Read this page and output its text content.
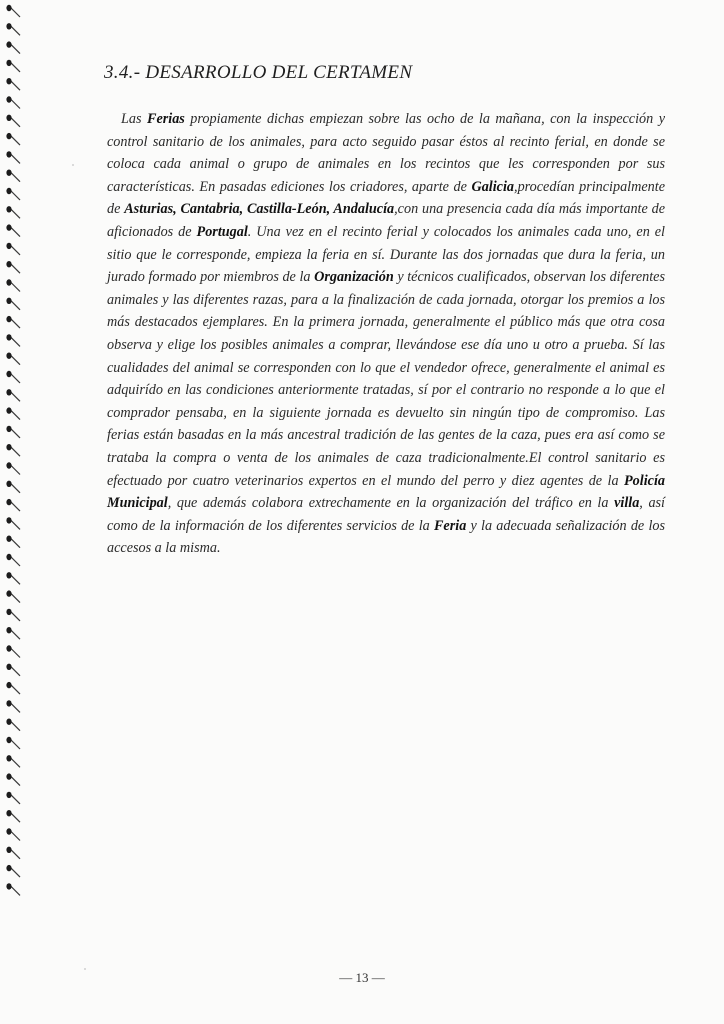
3.4.- DESARROLLO DEL CERTAMEN

Las Ferias propiamente dichas empiezan sobre las ocho de la mañana, con la inspección y control sanitario de los animales, para acto seguido pasar éstos al recinto ferial, en donde se coloca cada animal o grupo de animales en los recintos que les corresponden por sus características. En pasadas ediciones los criadores, aparte de Galicia,procedían principalmente de Asturias, Cantabria, Castilla-León, Andalucía,con una presencia cada día más importante de aficionados de Portugal. Una vez en el recinto ferial y colocados los animales cada uno, en el sitio que le corresponde, empieza la feria en sí. Durante las dos jornadas que dura la feria, un jurado formado por miembros de la Organización y técnicos cualificados, observan los diferentes animales y las diferentes razas, para a la finalización de cada jornada, otorgar los premios a los más destacados ejemplares. En la primera jornada, generalmente el público más que otra cosa observa y elige los posibles animales a comprar, llevándose ese día uno u otro a prueba. Sí las cualidades del animal se corresponden con lo que el vendedor ofrece, generalmente el animal es adquirído en las condiciones anteriormente tratadas, sí por el contrario no responde a lo que el comprador pensaba, en la siguiente jornada es devuelto sin ningún tipo de compromiso. Las ferias están basadas en la más ancestral tradición de las gentes de la caza, pues era así como se trataba la compra o venta de los animales de caza tradicionalmente.El control sanitario es efectuado por cuatro veterinarios expertos en el mundo del perro y diez agentes de la Policía Municipal, que además colabora extrechamente en la organización del tráfico en la villa, así como de la información de los diferentes servicios de la Feria y la adecuada señalización de los accesos a la misma.

— 13 —
